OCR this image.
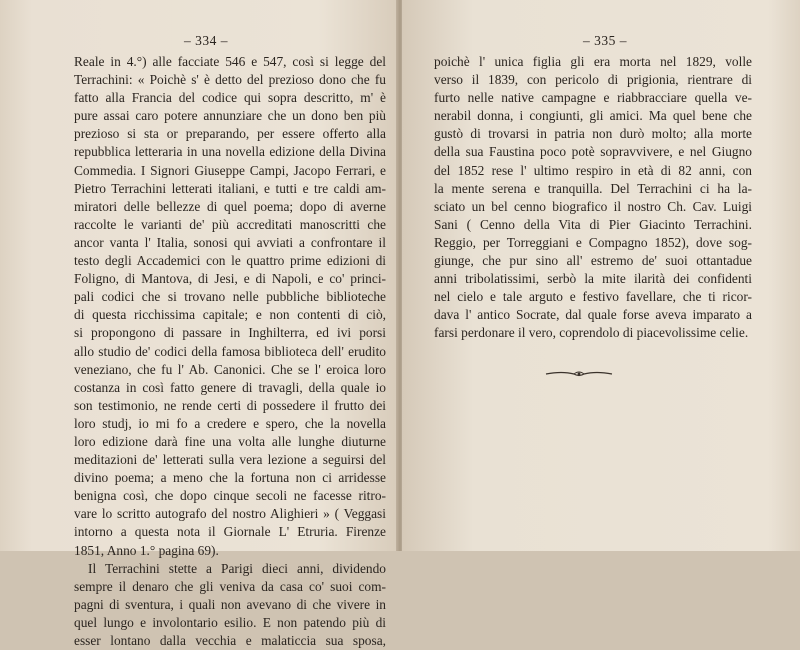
– 334 –
Reale in 4.°) alle facciate 546 e 547, così si legge del
Terrachini: « Poichè s' è detto del prezioso dono che fu
fatto alla Francia del codice qui sopra descritto, m' è
pure assai caro potere annunziare che un dono ben più
prezioso si sta or preparando, per essere offerto alla
repubblica letteraria in una novella edizione della Divina
Commedia. I Signori Giuseppe Campi, Jacopo Ferrari, e
Pietro Terrachini letterati italiani, e tutti e tre caldi am-
miratori delle bellezze di quel poema; dopo di averne
raccolte le varianti de' più accreditati manoscritti che
ancor vanta l' Italia, sonosi qui avviati a confrontare il
testo degli Accademici con le quattro prime edizioni di
Foligno, di Mantova, di Jesi, e di Napoli, e co' princi-
pali codici che si trovano nelle pubbliche biblioteche
di questa ricchissima capitale; e non contenti di ciò,
si propongono di passare in Inghilterra, ed ivi porsi
allo studio de' codici della famosa biblioteca dell' erudito
veneziano, che fu l' Ab. Canonici. Che se l' eroica loro
costanza in così fatto genere di travagli, della quale io
son testimonio, ne rende certi di possedere il frutto dei
loro studj, io mi fo a credere e spero, che la novella
loro edizione darà fine una volta alle lunghe diuturne
meditazioni de' letterati sulla vera lezione a seguirsi del
divino poema; a meno che la fortuna non ci arridesse
benigna così, che dopo cinque secoli ne facesse ritro-
vare lo scritto autografo del nostro Alighieri » ( Veggasi
intorno a questa nota il Giornale L' Etruria. Firenze
1851, Anno 1.° pagina 69).
Il Terrachini stette a Parigi dieci anni, dividendo
sempre il denaro che gli veniva da casa co' suoi com-
pagni di sventura, i quali non avevano di che vivere in
quel lungo e involontario esilio. E non patendo più di
esser lontano dalla vecchia e malaticcia sua sposa,
– 335 –
poichè l' unica figlia gli era morta nel 1829, volle
verso il 1839, con pericolo di prigionia, rientrare di
furto nelle native campagne e riabbracciare quella ve-
nerabil donna, i congiunti, gli amici. Ma quel bene che
gustò di trovarsi in patria non durò molto; alla morte
della sua Faustina poco potè sopravvivere, e nel Giugno
del 1852 rese l' ultimo respiro in età di 82 anni, con
la mente serena e tranquilla. Del Terrachini ci ha la-
sciato un bel cenno biografico il nostro Ch. Cav. Luigi
Sani ( Cenno della Vita di Pier Giacinto Terrachini.
Reggio, per Torreggiani e Compagno 1852), dove sog-
giunge, che pur sino all' estremo de' suoi ottantadue
anni tribolatissimi, serbò la mite ilarità dei confidenti
nel cielo e tale arguto e festivo favellare, che ti ricor-
dava l' antico Socrate, dal quale forse aveva imparato a
farsi perdonare il vero, coprendolo di piacevolissime celie.
